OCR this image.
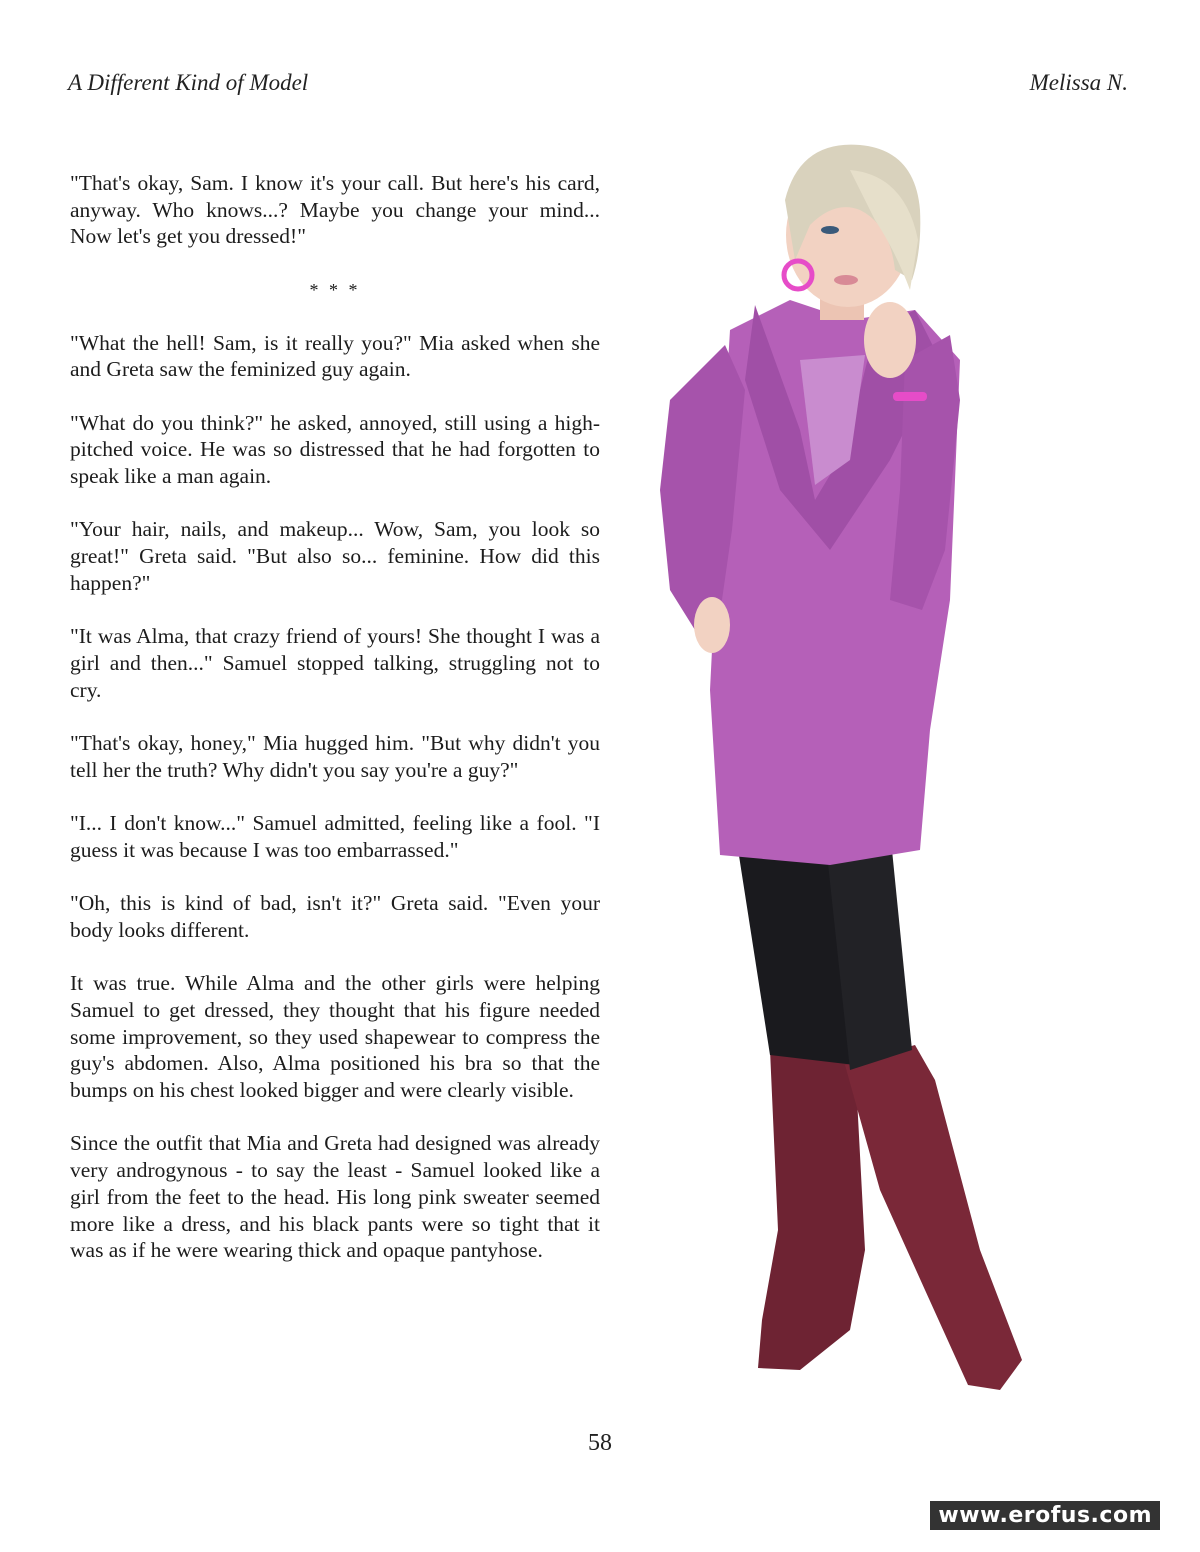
A Different Kind of Model	Melissa N.

"That's okay, Sam. I know it's your call. But here's his card, anyway. Who knows...? Maybe you change your mind... Now let's get you dressed!"

* * *

"What the hell! Sam, is it really you?" Mia asked when she and Greta saw the feminized guy again.

"What do you think?" he asked, annoyed, still using a high-pitched voice. He was so distressed that he had forgotten to speak like a man again.

"Your hair, nails, and makeup... Wow, Sam, you look so great!" Greta said. "But also so... feminine. How did this happen?"

"It was Alma, that crazy friend of yours! She thought I was a girl and then..." Samuel stopped talking, struggling not to cry.

"That's okay, honey," Mia hugged him. "But why didn't you tell her the truth? Why didn't you say you're a guy?"

"I... I don't know..." Samuel admitted, feeling like a fool. "I guess it was because I was too embarrassed."

"Oh, this is kind of bad, isn't it?" Greta said. "Even your body looks different.

It was true. While Alma and the other girls were helping Samuel to get dressed, they thought that his figure needed some improvement, so they used shapewear to compress the guy's abdomen. Also, Alma positioned his bra so that the bumps on his chest looked bigger and were clearly visible.

Since the outfit that Mia and Greta had designed was already very androgynous - to say the least - Samuel looked like a girl from the feet to the head. His long pink sweater seemed more like a dress, and his black pants were so tight that it was as if he were wearing thick and opaque pantyhose.

58
www.erofus.com
